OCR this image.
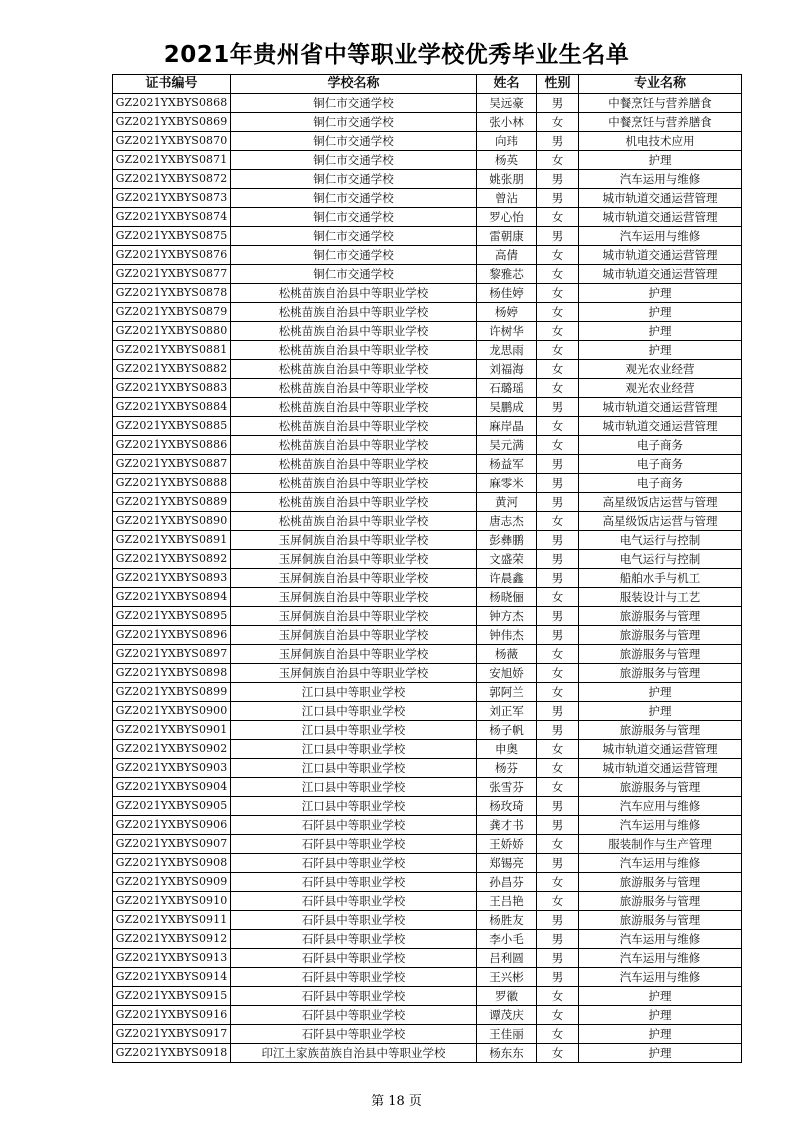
2021年贵州省中等职业学校优秀毕业生名单
证书编号	学校名称	姓名	性别	专业名称
GZ2021YXBYS0868	铜仁市交通学校	吴远豪	男	中餐烹饪与营养膳食
GZ2021YXBYS0869	铜仁市交通学校	张小林	女	中餐烹饪与营养膳食
GZ2021YXBYS0870	铜仁市交通学校	向玮	男	机电技术应用
GZ2021YXBYS0871	铜仁市交通学校	杨英	女	护理
GZ2021YXBYS0872	铜仁市交通学校	姚张朋	男	汽车运用与维修
GZ2021YXBYS0873	铜仁市交通学校	曾沾	男	城市轨道交通运营管理
GZ2021YXBYS0874	铜仁市交通学校	罗心怡	女	城市轨道交通运营管理
GZ2021YXBYS0875	铜仁市交通学校	雷朝康	男	汽车运用与维修
GZ2021YXBYS0876	铜仁市交通学校	高倩	女	城市轨道交通运营管理
GZ2021YXBYS0877	铜仁市交通学校	黎雅芯	女	城市轨道交通运营管理
GZ2021YXBYS0878	松桃苗族自治县中等职业学校	杨佳婷	女	护理
GZ2021YXBYS0879	松桃苗族自治县中等职业学校	杨婷	女	护理
GZ2021YXBYS0880	松桃苗族自治县中等职业学校	许树华	女	护理
GZ2021YXBYS0881	松桃苗族自治县中等职业学校	龙思雨	女	护理
GZ2021YXBYS0882	松桃苗族自治县中等职业学校	刘福海	女	观光农业经营
GZ2021YXBYS0883	松桃苗族自治县中等职业学校	石璐瑶	女	观光农业经营
GZ2021YXBYS0884	松桃苗族自治县中等职业学校	吴鹏成	男	城市轨道交通运营管理
GZ2021YXBYS0885	松桃苗族自治县中等职业学校	麻岸晶	女	城市轨道交通运营管理
GZ2021YXBYS0886	松桃苗族自治县中等职业学校	吴元满	女	电子商务
GZ2021YXBYS0887	松桃苗族自治县中等职业学校	杨益军	男	电子商务
GZ2021YXBYS0888	松桃苗族自治县中等职业学校	麻零米	男	电子商务
GZ2021YXBYS0889	松桃苗族自治县中等职业学校	黄河	男	高星级饭店运营与管理
GZ2021YXBYS0890	松桃苗族自治县中等职业学校	唐志杰	女	高星级饭店运营与管理
GZ2021YXBYS0891	玉屏侗族自治县中等职业学校	彭彝鹏	男	电气运行与控制
GZ2021YXBYS0892	玉屏侗族自治县中等职业学校	文盛荣	男	电气运行与控制
GZ2021YXBYS0893	玉屏侗族自治县中等职业学校	许晨鑫	男	船舶水手与机工
GZ2021YXBYS0894	玉屏侗族自治县中等职业学校	杨晓俪	女	服装设计与工艺
GZ2021YXBYS0895	玉屏侗族自治县中等职业学校	钟方杰	男	旅游服务与管理
GZ2021YXBYS0896	玉屏侗族自治县中等职业学校	钟伟杰	男	旅游服务与管理
GZ2021YXBYS0897	玉屏侗族自治县中等职业学校	杨薇	女	旅游服务与管理
GZ2021YXBYS0898	玉屏侗族自治县中等职业学校	安旭娇	女	旅游服务与管理
GZ2021YXBYS0899	江口县中等职业学校	郭阿兰	女	护理
GZ2021YXBYS0900	江口县中等职业学校	刘正军	男	护理
GZ2021YXBYS0901	江口县中等职业学校	杨子帆	男	旅游服务与管理
GZ2021YXBYS0902	江口县中等职业学校	申奥	女	城市轨道交通运营管理
GZ2021YXBYS0903	江口县中等职业学校	杨芬	女	城市轨道交通运营管理
GZ2021YXBYS0904	江口县中等职业学校	张雪芬	女	旅游服务与管理
GZ2021YXBYS0905	江口县中等职业学校	杨玫琦	男	汽车应用与维修
GZ2021YXBYS0906	石阡县中等职业学校	龚才书	男	汽车运用与维修
GZ2021YXBYS0907	石阡县中等职业学校	王娇娇	女	服装制作与生产管理
GZ2021YXBYS0908	石阡县中等职业学校	郑锡亮	男	汽车运用与维修
GZ2021YXBYS0909	石阡县中等职业学校	孙昌芬	女	旅游服务与管理
GZ2021YXBYS0910	石阡县中等职业学校	王吕艳	女	旅游服务与管理
GZ2021YXBYS0911	石阡县中等职业学校	杨胜友	男	旅游服务与管理
GZ2021YXBYS0912	石阡县中等职业学校	李小毛	男	汽车运用与维修
GZ2021YXBYS0913	石阡县中等职业学校	吕利圆	男	汽车运用与维修
GZ2021YXBYS0914	石阡县中等职业学校	王兴彬	男	汽车运用与维修
GZ2021YXBYS0915	石阡县中等职业学校	罗徽	女	护理
GZ2021YXBYS0916	石阡县中等职业学校	谭茂庆	女	护理
GZ2021YXBYS0917	石阡县中等职业学校	王佳丽	女	护理
GZ2021YXBYS0918	印江土家族苗族自治县中等职业学校	杨东东	女	护理
第 18 页
